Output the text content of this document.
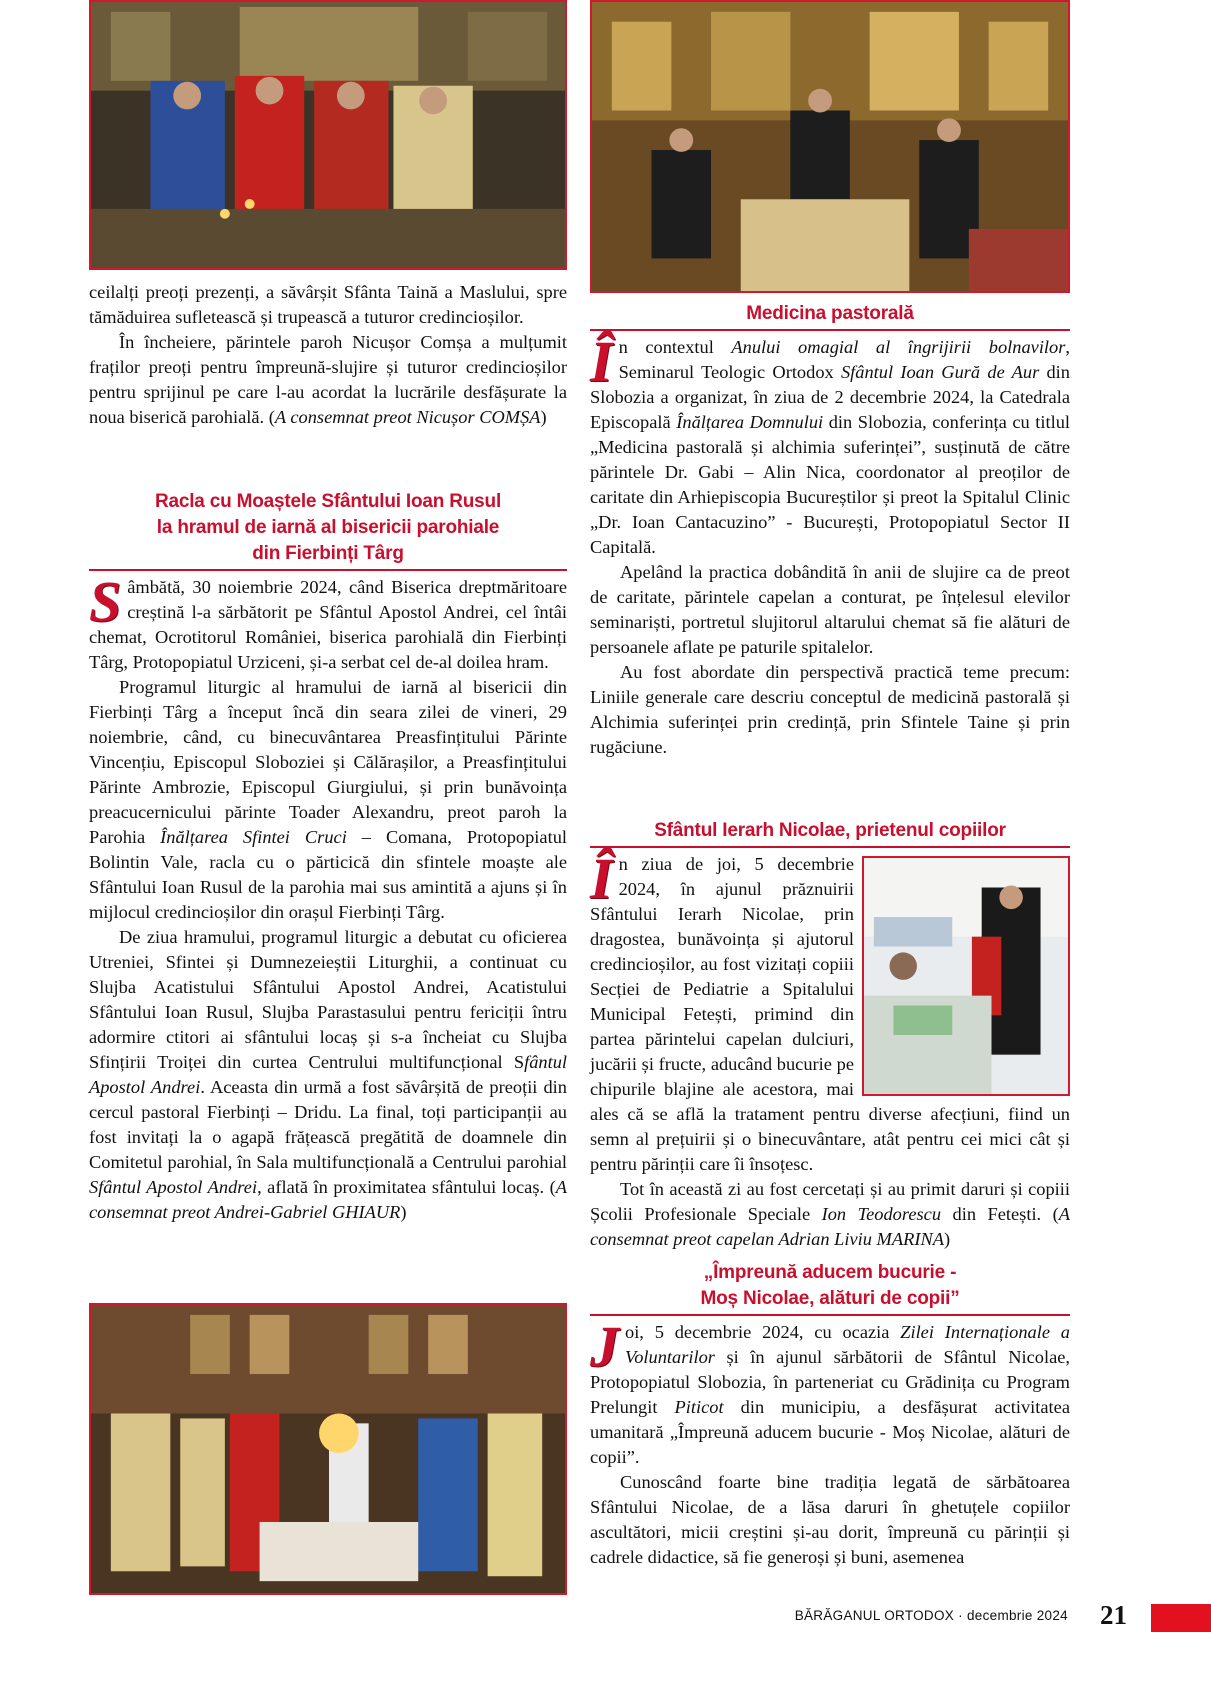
ceilalți preoți prezenți, a săvârșit Sfânta Taină a Maslului, spre tămăduirea sufletească și trupească a tuturor credincioșilor.

În încheiere, părintele paroh Nicușor Comșa a mulțumit fraților preoți pentru împreună-slujire și tuturor credincioșilor pentru sprijinul pe care l-au acordat la lucrările desfășurate la noua biserică parohială. (A consemnat preot Nicușor COMȘA)

Racla cu Moaștele Sfântului Ioan Rusul
la hramul de iarnă al bisericii parohiale
din Fierbinți Târg

Sâmbătă, 30 noiembrie 2024, când Biserica dreptmăritoare creștină l-a sărbătorit pe Sfântul Apostol Andrei, cel întâi chemat, Ocrotitorul României, biserica parohială din Fierbinți Târg, Protopopiatul Urziceni, și-a serbat cel de-al doilea hram.

Programul liturgic al hramului de iarnă al bisericii din Fierbinți Târg a început încă din seara zilei de vineri, 29 noiembrie, când, cu binecuvântarea Preasfințitului Părinte Vincențiu, Episcopul Sloboziei și Călărașilor, a Preasfințitului Părinte Ambrozie, Episcopul Giurgiului, și prin bunăvoința preacucernicului părinte Toader Alexandru, preot paroh la Parohia Înălțarea Sfintei Cruci – Comana, Protopopiatul Bolintin Vale, racla cu o părticică din sfintele moaște ale Sfântului Ioan Rusul de la parohia mai sus amintită a ajuns și în mijlocul credincioșilor din orașul Fierbinți Târg.

De ziua hramului, programul liturgic a debutat cu oficierea Utreniei, Sfintei și Dumnezeieștii Liturghii, a continuat cu Slujba Acatistului Sfântului Apostol Andrei, Acatistului Sfântului Ioan Rusul, Slujba Parastasului pentru fericiții întru adormire ctitori ai sfântului locaș și s-a încheiat cu Slujba Sfințirii Troiței din curtea Centrului multifuncțional Sfântul Apostol Andrei. Aceasta din urmă a fost săvârșită de preoții din cercul pastoral Fierbinți – Dridu. La final, toți participanții au fost invitați la o agapă frățească pregătită de doamnele din Comitetul parohial, în Sala multifuncțională a Centrului parohial Sfântul Apostol Andrei, aflată în proximitatea sfântului locaș. (A consemnat preot Andrei-Gabriel GHIAUR)

Medicina pastorală

În contextul Anului omagial al îngrijirii bolnavilor, Seminarul Teologic Ortodox Sfântul Ioan Gură de Aur din Slobozia a organizat, în ziua de 2 decembrie 2024, la Catedrala Episcopală Înălțarea Domnului din Slobozia, conferința cu titlul „Medicina pastorală și alchimia suferinței”, susținută de către părintele Dr. Gabi – Alin Nica, coordonator al preoților de caritate din Arhiepiscopia Bucureștilor și preot la Spitalul Clinic „Dr. Ioan Cantacuzino” - București, Protopopiatul Sector II Capitală.

Apelând la practica dobândită în anii de slujire ca de preot de caritate, părintele capelan a conturat, pe înțelesul elevilor seminariști, portretul slujitorul altarului chemat să fie alături de persoanele aflate pe paturile spitalelor.

Au fost abordate din perspectivă practică teme precum: Liniile generale care descriu conceptul de medicină pastorală și Alchimia suferinței prin credință, prin Sfintele Taine și prin rugăciune.

Sfântul Ierarh Nicolae, prietenul copiilor

În ziua de joi, 5 decembrie 2024, în ajunul prăznuirii Sfântului Ierarh Nicolae, prin dragostea, bunăvoința și ajutorul credincioșilor, au fost vizitați copiii Secției de Pediatrie a Spitalului Municipal Fetești, primind din partea părintelui capelan dulciuri, jucării și fructe, aducând bucurie pe chipurile blajine ale acestora, mai ales că se află la tratament pentru diverse afecțiuni, fiind un semn al prețuirii și o binecuvântare, atât pentru cei mici cât și pentru părinții care îi însoțesc.

Tot în această zi au fost cercetați și au primit daruri și copiii Școlii Profesionale Speciale Ion Teodorescu din Fetești. (A consemnat preot capelan Adrian Liviu MARINA)

„Împreună aducem bucurie -
Moș Nicolae, alături de copii”

Joi, 5 decembrie 2024, cu ocazia Zilei Internaționale a Voluntarilor și în ajunul sărbătorii de Sfântul Nicolae, Protopopiatul Slobozia, în parteneriat cu Grădinița cu Program Prelungit Piticot din municipiu, a desfășurat activitatea umanitară „Împreună aducem bucurie - Moș Nicolae, alături de copii”.

Cunoscând foarte bine tradiția legată de sărbătoarea Sfântului Nicolae, de a lăsa daruri în ghetuțele copiilor ascultători, micii creștini și-au dorit, împreună cu părinții și cadrele didactice, să fie generoși și buni, asemenea

BĂRĂGANUL ORTODOX · decembrie 2024 21
